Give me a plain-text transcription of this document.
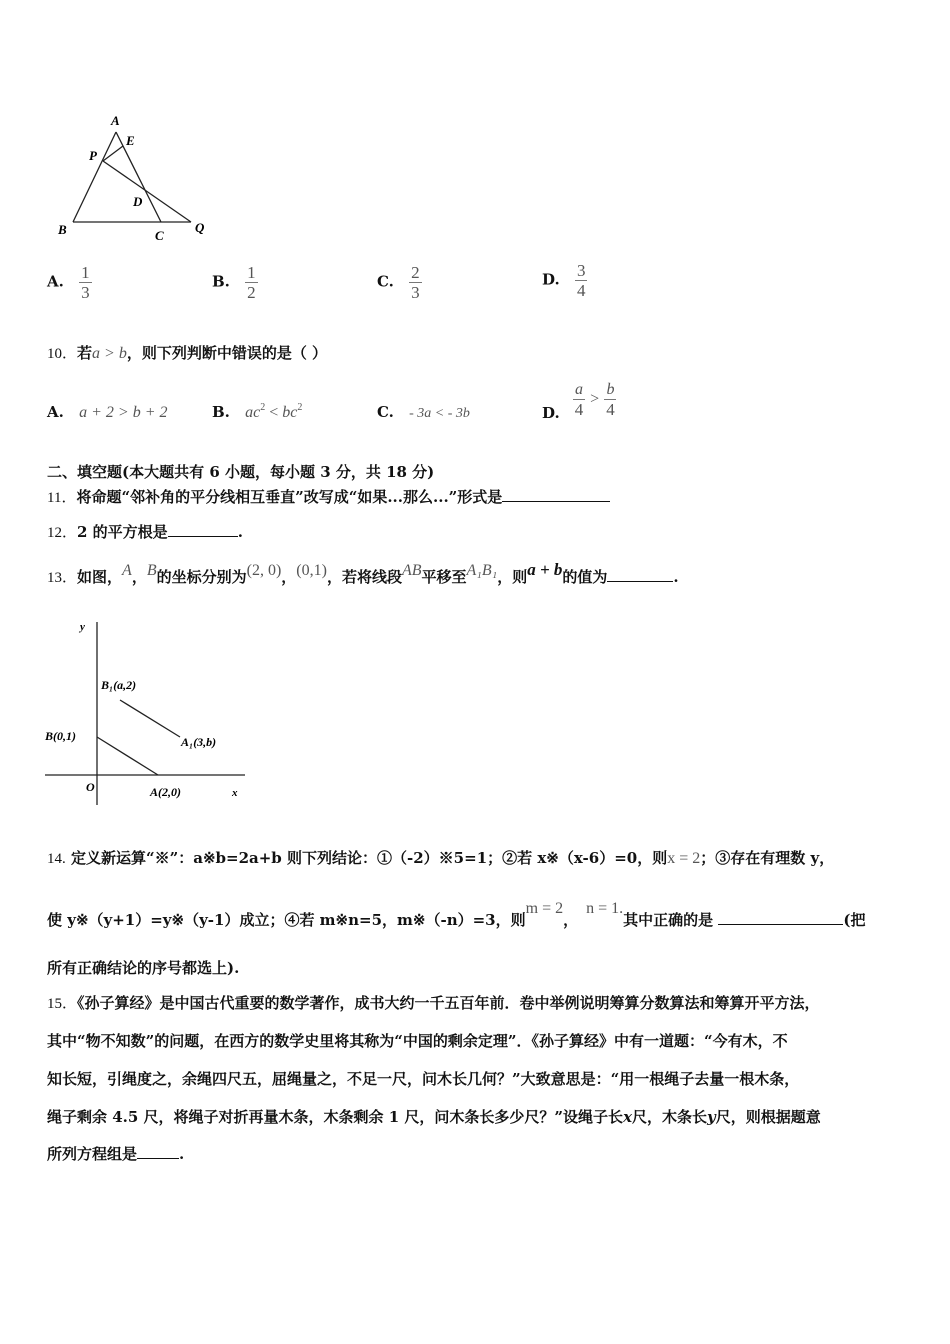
A
E
P
D
B	C
Q
A. $\frac{1}{3}$	B. $\frac{1}{2}$	C. $\frac{2}{3}$	D. $\frac{3}{4}$
10．若a > b，则下列判断中错误的是（ ）
A. a + 2 > b + 2	B. $ac^2 < bc^2$	C. - 3a < - 3b	D. $\frac{a}{4} > \frac{b}{4}$
二、填空题(本大题共有 6 小题，每小题 3 分，共 18 分)
11．将命题“邻补角的平分线相互垂直”改写成“如果...那么...”形式是
12．2 的平方根是	.
13．如图，A，B的坐标分别为(2, 0)，(0,1)，若将线段AB平移至A₁B₁，则a + b的值为	.
y
x
O
B₁(a,2)
B(0,1)	A₁(3,b)
A(2,0)
14. 定义新运算“※”：a※b=2a+b 则下列结论：①（-2）※5=1；②若 x※（x-6）=0，则x = 2；③存在有理数 y，
使 y※（y+1）=y※（y-1）成立；④若 m※n=5，m※（-n）=3，则m = 2，n = 1.其中正确的是	(把
所有正确结论的序号都选上).
15．《孙子算经》是中国古代重要的数学著作，成书大约一千五百年前．卷中举例说明筹算分数算法和筹算开平方法，
其中“物不知数”的问题，在西方的数学史里将其称为“中国的剩余定理”．《孙子算经》中有一道题：“今有木，不
知长短，引绳度之，余绳四尺五，屈绳量之，不足一尺，问木长几何？”大致意思是：“用一根绳子去量一根木条，
绳子剩余 4.5 尺，将绳子对折再量木条，木条剩余 1 尺，问木条长多少尺？”设绳子长x尺，木条长y尺，则根据题意
所列方程组是	.
